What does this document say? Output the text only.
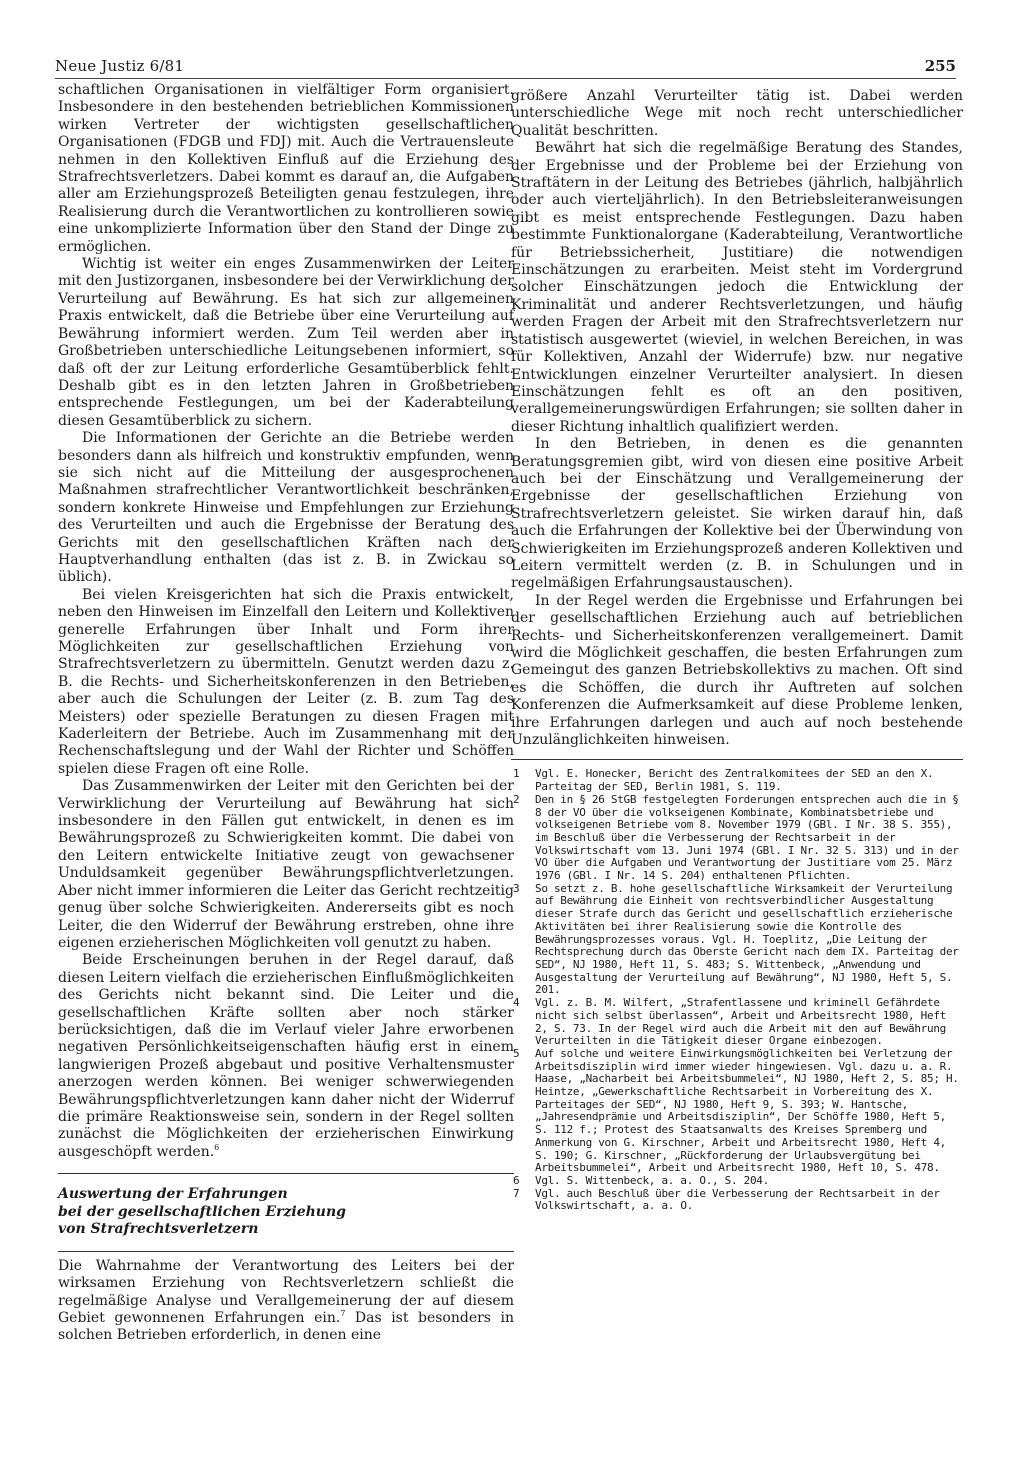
Neue Justiz 6/81	255

schaftlichen Organisationen in vielfältiger Form organisiert. Insbesondere in den bestehenden betrieblichen Kommissionen wirken Vertreter der wichtigsten gesellschaftlichen Organisationen (FDGB und FDJ) mit. Auch die Vertrauensleute nehmen in den Kollektiven Einfluß auf die Erziehung des Strafrechtsverletzers. Dabei kommt es darauf an, die Aufgaben aller am Erziehungsprozeß Beteiligten genau festzulegen, ihre Realisierung durch die Verantwortlichen zu kontrollieren sowie eine unkomplizierte Information über den Stand der Dinge zu ermöglichen.

Wichtig ist weiter ein enges Zusammenwirken der Leiter mit den Justizorganen, insbesondere bei der Verwirklichung der Verurteilung auf Bewährung. Es hat sich zur allgemeinen Praxis entwickelt, daß die Betriebe über eine Verurteilung auf Bewährung informiert werden. Zum Teil werden aber in Großbetrieben unterschiedliche Leitungsebenen informiert, so daß oft der zur Leitung erforderliche Gesamtüberblick fehlt. Deshalb gibt es in den letzten Jahren in Großbetrieben entsprechende Festlegungen, um bei der Kaderabteilung diesen Gesamtüberblick zu sichern.

Die Informationen der Gerichte an die Betriebe werden besonders dann als hilfreich und konstruktiv empfunden, wenn sie sich nicht auf die Mitteilung der ausgesprochenen Maßnahmen strafrechtlicher Verantwortlichkeit beschränken, sondern konkrete Hinweise und Empfehlungen zur Erziehung des Verurteilten und auch die Ergebnisse der Beratung des Gerichts mit den gesellschaftlichen Kräften nach der Hauptverhandlung enthalten (das ist z. B. in Zwickau so üblich).

Bei vielen Kreisgerichten hat sich die Praxis entwickelt, neben den Hinweisen im Einzelfall den Leitern und Kollektiven generelle Erfahrungen über Inhalt und Form ihrer Möglichkeiten zur gesellschaftlichen Erziehung von Strafrechtsverletzern zu übermitteln. Genutzt werden dazu z. B. die Rechts- und Sicherheitskonferenzen in den Betrieben, aber auch die Schulungen der Leiter (z. B. zum Tag des Meisters) oder spezielle Beratungen zu diesen Fragen mit Kaderleitern der Betriebe. Auch im Zusammenhang mit der Rechenschaftslegung und der Wahl der Richter und Schöffen spielen diese Fragen oft eine Rolle.

Das Zusammenwirken der Leiter mit den Gerichten bei der Verwirklichung der Verurteilung auf Bewährung hat sich insbesondere in den Fällen gut entwickelt, in denen es im Bewährungsprozeß zu Schwierigkeiten kommt. Die dabei von den Leitern entwickelte Initiative zeugt von gewachsener Unduldsamkeit gegenüber Bewährungspflichtverletzungen. Aber nicht immer informieren die Leiter das Gericht rechtzeitig genug über solche Schwierigkeiten. Andererseits gibt es noch Leiter, die den Widerruf der Bewährung erstreben, ohne ihre eigenen erzieherischen Möglichkeiten voll genutzt zu haben.

Beide Erscheinungen beruhen in der Regel darauf, daß diesen Leitern vielfach die erzieherischen Einflußmöglichkeiten des Gerichts nicht bekannt sind. Die Leiter und die gesellschaftlichen Kräfte sollten aber noch stärker berücksichtigen, daß die im Verlauf vieler Jahre erworbenen negativen Persönlichkeitseigenschaften häufig erst in einem langwierigen Prozeß abgebaut und positive Verhaltensmuster anerzogen werden können. Bei weniger schwerwiegenden Bewährungspflichtverletzungen kann daher nicht der Widerruf die primäre Reaktionsweise sein, sondern in der Regel sollten zunächst die Möglichkeiten der erzieherischen Einwirkung ausgeschöpft werden.$^6$

Auswertung der Erfahrungen
bei der gesellschaftlichen Erziehung
von Strafrechtsverletzern

Die Wahrnahme der Verantwortung des Leiters bei der wirksamen Erziehung von Rechtsverletzern schließt die regelmäßige Analyse und Verallgemeinerung der auf diesem Gebiet gewonnenen Erfahrungen ein.$^7$ Das ist besonders in solchen Betrieben erforderlich, in denen eine

größere Anzahl Verurteilter tätig ist. Dabei werden unterschiedliche Wege mit noch recht unterschiedlicher Qualität beschritten.

Bewährt hat sich die regelmäßige Beratung des Standes, der Ergebnisse und der Probleme bei der Erziehung von Straftätern in der Leitung des Betriebes (jährlich, halbjährlich oder auch vierteljährlich). In den Betriebsleiteranweisungen gibt es meist entsprechende Festlegungen. Dazu haben bestimmte Funktionalorgane (Kaderabteilung, Verantwortliche für Betriebssicherheit, Justitiare) die notwendigen Einschätzungen zu erarbeiten. Meist steht im Vordergrund solcher Einschätzungen jedoch die Entwicklung der Kriminalität und anderer Rechtsverletzungen, und häufig werden Fragen der Arbeit mit den Strafrechtsverletzern nur statistisch ausgewertet (wieviel, in welchen Bereichen, in was für Kollektiven, Anzahl der Widerrufe) bzw. nur negative Entwicklungen einzelner Verurteilter analysiert. In diesen Einschätzungen fehlt es oft an den positiven, verallgemeinerungswürdigen Erfahrungen; sie sollten daher in dieser Richtung inhaltlich qualifiziert werden.

In den Betrieben, in denen es die genannten Beratungsgremien gibt, wird von diesen eine positive Arbeit auch bei der Einschätzung und Verallgemeinerung der Ergebnisse der gesellschaftlichen Erziehung von Strafrechtsverletzern geleistet. Sie wirken darauf hin, daß auch die Erfahrungen der Kollektive bei der Überwindung von Schwierigkeiten im Erziehungsprozeß anderen Kollektiven und Leitern vermittelt werden (z. B. in Schulungen und in regelmäßigen Erfahrungsaustauschen).

In der Regel werden die Ergebnisse und Erfahrungen bei der gesellschaftlichen Erziehung auch auf betrieblichen Rechts- und Sicherheitskonferenzen verallgemeinert. Damit wird die Möglichkeit geschaffen, die besten Erfahrungen zum Gemeingut des ganzen Betriebskollektivs zu machen. Oft sind es die Schöffen, die durch ihr Auftreten auf solchen Konferenzen die Aufmerksamkeit auf diese Probleme lenken, ihre Erfahrungen darlegen und auch auf noch bestehende Unzulänglichkeiten hinweisen.

1	Vgl. E. Honecker, Bericht des Zentralkomitees der SED an den X. Parteitag der SED, Berlin 1981, S. 119.
2	Den in § 26 StGB festgelegten Forderungen entsprechen auch die in § 8 der VO über die volkseigenen Kombinate, Kombinatsbetriebe und volkseigenen Betriebe vom 8. November 1979 (GBl. I Nr. 38 S. 355), im Beschluß über die Verbesserung der Rechtsarbeit in der Volkswirtschaft vom 13. Juni 1974 (GBl. I Nr. 32 S. 313) und in der VO über die Aufgaben und Verantwortung der Justitiare vom 25. März 1976 (GBl. I Nr. 14 S. 204) enthaltenen Pflichten.
3	So setzt z. B. hohe gesellschaftliche Wirksamkeit der Verurteilung auf Bewährung die Einheit von rechtsverbindlicher Ausgestaltung dieser Strafe durch das Gericht und gesellschaftlich erzieherische Aktivitäten bei ihrer Realisierung sowie die Kontrolle des Bewährungsprozesses voraus. Vgl. H. Toeplitz, „Die Leitung der Rechtsprechung durch das Oberste Gericht nach dem IX. Parteitag der SED“, NJ 1980, Heft 11, S. 483; S. Wittenbeck, „Anwendung und Ausgestaltung der Verurteilung auf Bewährung“, NJ 1980, Heft 5, S. 201.
4	Vgl. z. B. M. Wilfert, „Strafentlassene und kriminell Gefährdete nicht sich selbst überlassen“, Arbeit und Arbeitsrecht 1980, Heft 2, S. 73. In der Regel wird auch die Arbeit mit den auf Bewährung Verurteilten in die Tätigkeit dieser Organe einbezogen.
5	Auf solche und weitere Einwirkungsmöglichkeiten bei Verletzung der Arbeitsdisziplin wird immer wieder hingewiesen. Vgl. dazu u. a. R. Haase, „Nacharbeit bei Arbeitsbummelei“, NJ 1980, Heft 2, S. 85; H. Heintze, „Gewerkschaftliche Rechtsarbeit in Vorbereitung des X. Parteitages der SED“, NJ 1980, Heft 9, S. 393; W. Hantsche, „Jahresendprämie und Arbeitsdisziplin“, Der Schöffe 1980, Heft 5, S. 112 f.; Protest des Staatsanwalts des Kreises Spremberg und Anmerkung von G. Kirschner, Arbeit und Arbeitsrecht 1980, Heft 4, S. 190; G. Kirschner, „Rückforderung der Urlaubsvergütung bei Arbeitsbummelei“, Arbeit und Arbeitsrecht 1980, Heft 10, S. 478.
6	Vgl. S. Wittenbeck, a. a. O., S. 204.
7	Vgl. auch Beschluß über die Verbesserung der Rechtsarbeit in der Volkswirtschaft, a. a. O.
